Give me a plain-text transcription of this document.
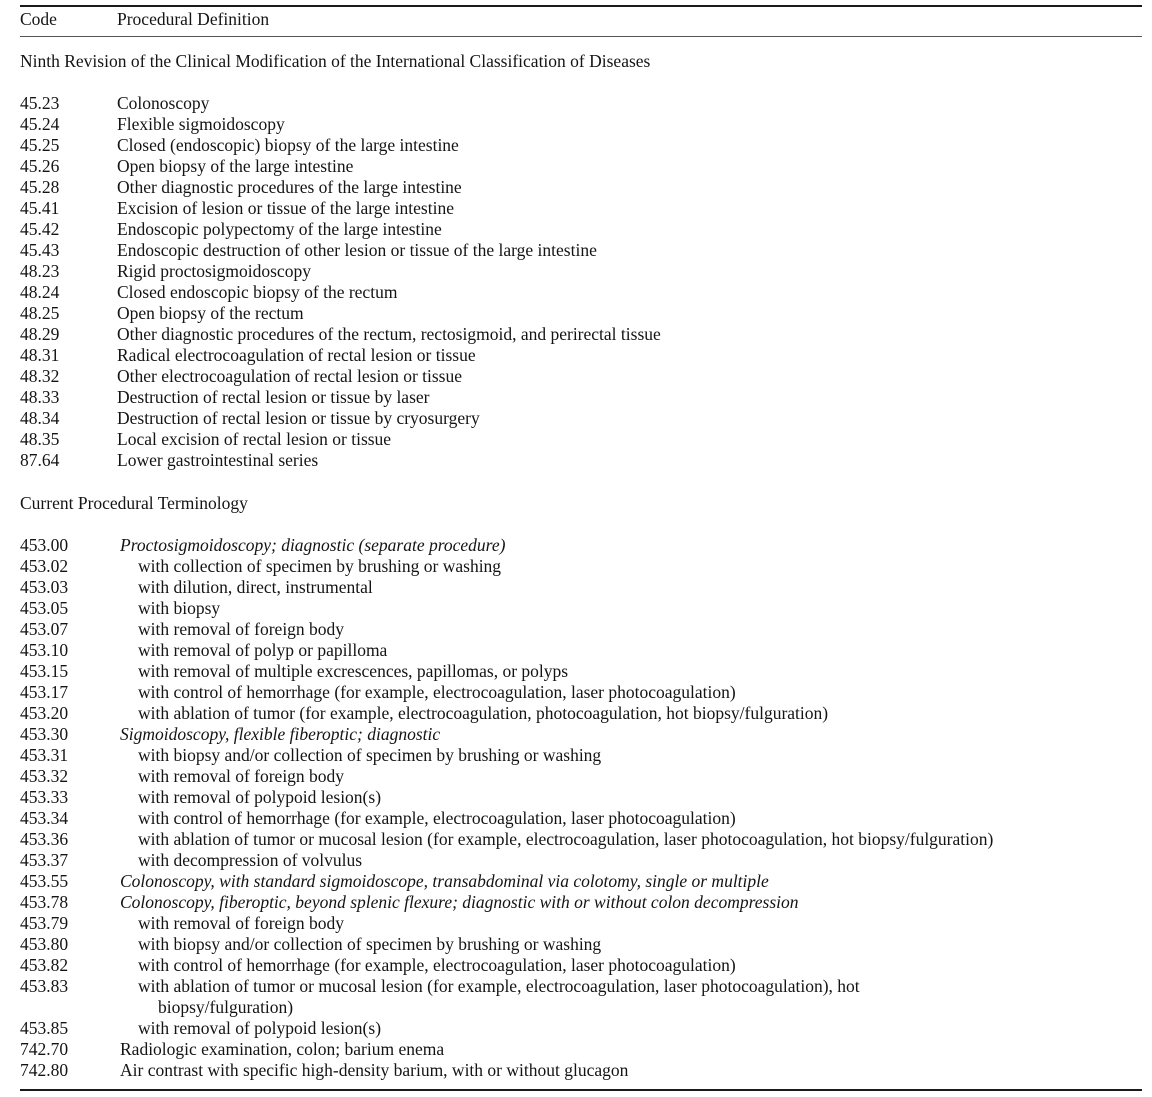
Code	Procedural Definition
Ninth Revision of the Clinical Modification of the International Classification of Diseases
45.23	Colonoscopy
45.24	Flexible sigmoidoscopy
45.25	Closed (endoscopic) biopsy of the large intestine
45.26	Open biopsy of the large intestine
45.28	Other diagnostic procedures of the large intestine
45.41	Excision of lesion or tissue of the large intestine
45.42	Endoscopic polypectomy of the large intestine
45.43	Endoscopic destruction of other lesion or tissue of the large intestine
48.23	Rigid proctosigmoidoscopy
48.24	Closed endoscopic biopsy of the rectum
48.25	Open biopsy of the rectum
48.29	Other diagnostic procedures of the rectum, rectosigmoid, and perirectal tissue
48.31	Radical electrocoagulation of rectal lesion or tissue
48.32	Other electrocoagulation of rectal lesion or tissue
48.33	Destruction of rectal lesion or tissue by laser
48.34	Destruction of rectal lesion or tissue by cryosurgery
48.35	Local excision of rectal lesion or tissue
87.64	Lower gastrointestinal series
Current Procedural Terminology
453.00	Proctosigmoidoscopy; diagnostic (separate procedure)
453.02	with collection of specimen by brushing or washing
453.03	with dilution, direct, instrumental
453.05	with biopsy
453.07	with removal of foreign body
453.10	with removal of polyp or papilloma
453.15	with removal of multiple excrescences, papillomas, or polyps
453.17	with control of hemorrhage (for example, electrocoagulation, laser photocoagulation)
453.20	with ablation of tumor (for example, electrocoagulation, photocoagulation, hot biopsy/fulguration)
453.30	Sigmoidoscopy, flexible fiberoptic; diagnostic
453.31	with biopsy and/or collection of specimen by brushing or washing
453.32	with removal of foreign body
453.33	with removal of polypoid lesion(s)
453.34	with control of hemorrhage (for example, electrocoagulation, laser photocoagulation)
453.36	with ablation of tumor or mucosal lesion (for example, electrocoagulation, laser photocoagulation, hot biopsy/fulguration)
453.37	with decompression of volvulus
453.55	Colonoscopy, with standard sigmoidoscope, transabdominal via colotomy, single or multiple
453.78	Colonoscopy, fiberoptic, beyond splenic flexure; diagnostic with or without colon decompression
453.79	with removal of foreign body
453.80	with biopsy and/or collection of specimen by brushing or washing
453.82	with control of hemorrhage (for example, electrocoagulation, laser photocoagulation)
453.83	with ablation of tumor or mucosal lesion (for example, electrocoagulation, laser photocoagulation), hot
biopsy/fulguration)
453.85	with removal of polypoid lesion(s)
742.70	Radiologic examination, colon; barium enema
742.80	Air contrast with specific high-density barium, with or without glucagon
